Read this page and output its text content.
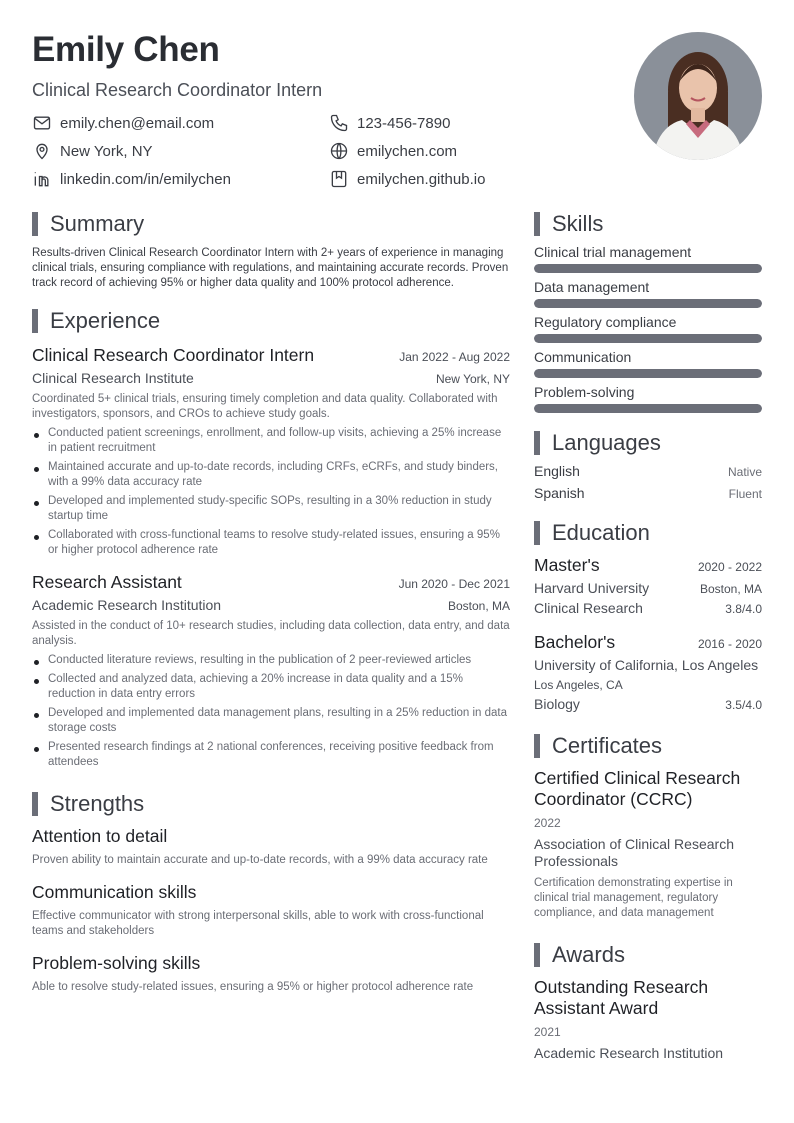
Emily Chen
Clinical Research Coordinator Intern
emily.chen@email.com	123-456-7890
New York, NY	emilychen.com
linkedin.com/in/emilychen	emilychen.github.io
Summary
Results-driven Clinical Research Coordinator Intern with 2+ years of experience in managing clinical trials, ensuring compliance with regulations, and maintaining accurate records. Proven track record of achieving 95% or higher data quality and 100% protocol adherence.
Experience
Clinical Research Coordinator Intern	Jan 2022 - Aug 2022
Clinical Research Institute	New York, NY
Coordinated 5+ clinical trials, ensuring timely completion and data quality. Collaborated with investigators, sponsors, and CROs to achieve study goals.
Conducted patient screenings, enrollment, and follow-up visits, achieving a 25% increase in patient recruitment
Maintained accurate and up-to-date records, including CRFs, eCRFs, and study binders, with a 99% data accuracy rate
Developed and implemented study-specific SOPs, resulting in a 30% reduction in study startup time
Collaborated with cross-functional teams to resolve study-related issues, ensuring a 95% or higher protocol adherence rate
Research Assistant	Jun 2020 - Dec 2021
Academic Research Institution	Boston, MA
Assisted in the conduct of 10+ research studies, including data collection, data entry, and data analysis.
Conducted literature reviews, resulting in the publication of 2 peer-reviewed articles
Collected and analyzed data, achieving a 20% increase in data quality and a 15% reduction in data entry errors
Developed and implemented data management plans, resulting in a 25% reduction in data storage costs
Presented research findings at 2 national conferences, receiving positive feedback from attendees
Strengths
Attention to detail
Proven ability to maintain accurate and up-to-date records, with a 99% data accuracy rate
Communication skills
Effective communicator with strong interpersonal skills, able to work with cross-functional teams and stakeholders
Problem-solving skills
Able to resolve study-related issues, ensuring a 95% or higher protocol adherence rate
Skills
Clinical trial management
Data management
Regulatory compliance
Communication
Problem-solving
Languages
English	Native
Spanish	Fluent
Education
Master's	2020 - 2022
Harvard University	Boston, MA
Clinical Research	3.8/4.0
Bachelor's	2016 - 2020
University of California, Los Angeles
Los Angeles, CA
Biology	3.5/4.0
Certificates
Certified Clinical Research Coordinator (CCRC)
2022
Association of Clinical Research Professionals
Certification demonstrating expertise in clinical trial management, regulatory compliance, and data management
Awards
Outstanding Research Assistant Award
2021
Academic Research Institution
